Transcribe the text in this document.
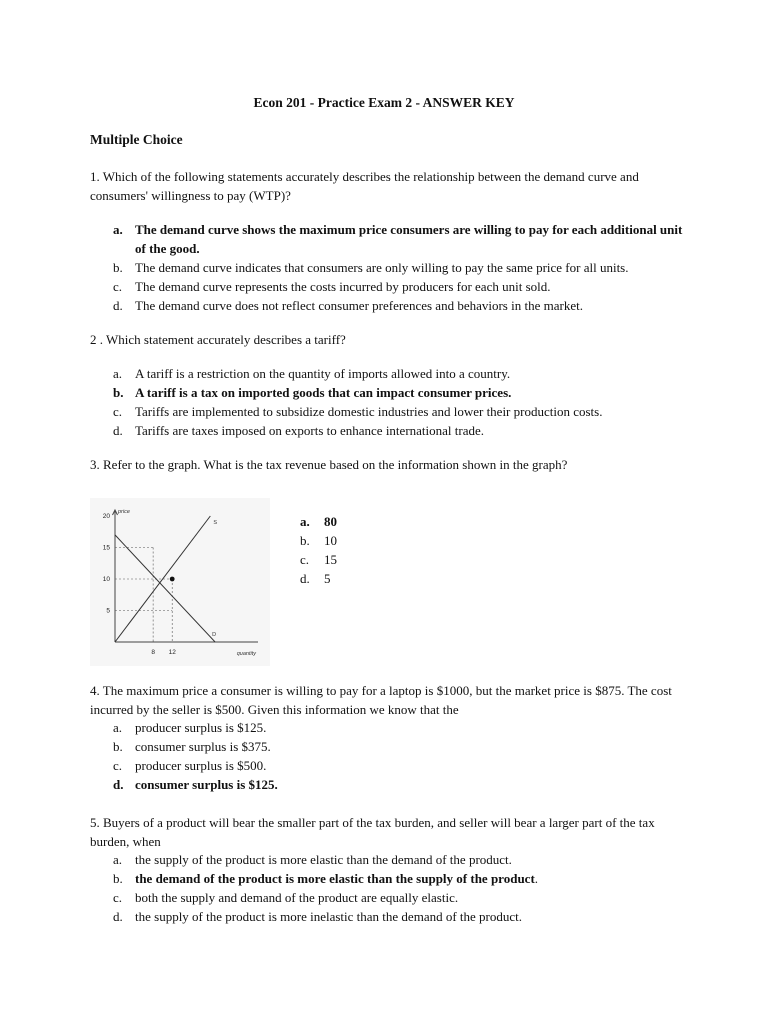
Econ 201 - Practice Exam 2 - ANSWER KEY
Multiple Choice
1. Which of the following statements accurately describes the relationship between the demand curve and consumers' willingness to pay (WTP)?
a. The demand curve shows the maximum price consumers are willing to pay for each additional unit of the good.
b. The demand curve indicates that consumers are only willing to pay the same price for all units.
c. The demand curve represents the costs incurred by producers for each unit sold.
d. The demand curve does not reflect consumer preferences and behaviors in the market.
2 . Which statement accurately describes a tariff?
a. A tariff is a restriction on the quantity of imports allowed into a country.
b. A tariff is a tax on imported goods that can impact consumer prices.
c. Tariffs are implemented to subsidize domestic industries and lower their production costs.
d. Tariffs are taxes imposed on exports to enhance international trade.
3. Refer to the graph. What is the tax revenue based on the information shown in the graph?
price
quantity
S
D
20
15
10
5
8 12
a. 80
b. 10
c. 15
d. 5
4. The maximum price a consumer is willing to pay for a laptop is $1000, but the market price is $875. The cost incurred by the seller is $500. Given this information we know that the
a. producer surplus is $125.
b. consumer surplus is $375.
c. producer surplus is $500.
d. consumer surplus is $125.
5. Buyers of a product will bear the smaller part of the tax burden, and seller will bear a larger part of the tax burden, when
a. the supply of the product is more elastic than the demand of the product.
b. the demand of the product is more elastic than the supply of the product.
c. both the supply and demand of the product are equally elastic.
d. the supply of the product is more inelastic than the demand of the product.
